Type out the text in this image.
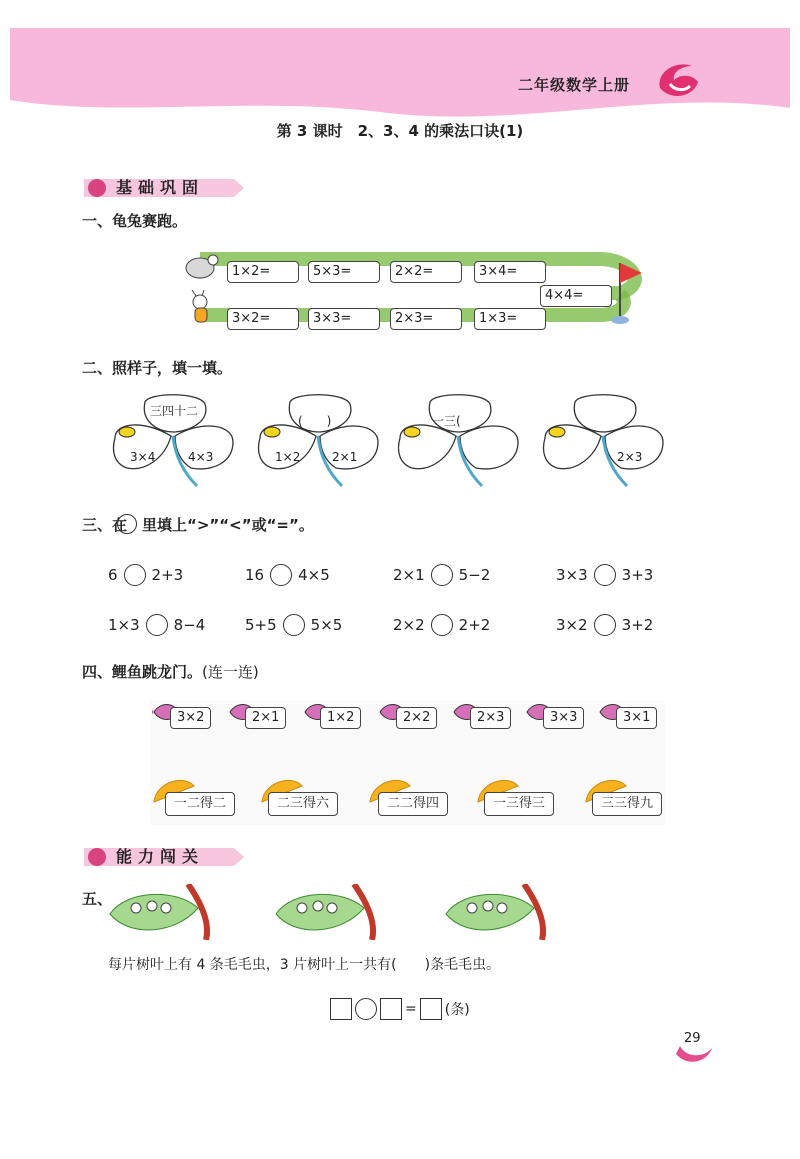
二年级数学上册
第 3 课时　2、3、4 的乘法口诀(1)
基础巩固
一、龟兔赛跑。
1×2=	5×3=	2×2=	3×4=
4×4=
3×2=	3×3=	2×3=	1×3=
二、照样子，填一填。
三四十二
3×4	4×3
(　　)
1×2	2×1
一三(　
2×3
三、在　里填上“>”“<”或“=”。
6 2+3	16 4×5	2×1 5−2	3×3 3+3
1×3 8−4	5+5 5×5	2×2 2+2	3×2 3+2
四、鲤鱼跳龙门。(连一连)
3×2	2×1	1×2	2×2	2×3	3×3	3×1
一二得二	二三得六	二二得四	一三得三	三三得九
能力闯关
五、
每片树叶上有 4 条毛毛虫，3 片树叶上一共有(　　)条毛毛虫。
= (条)
29
